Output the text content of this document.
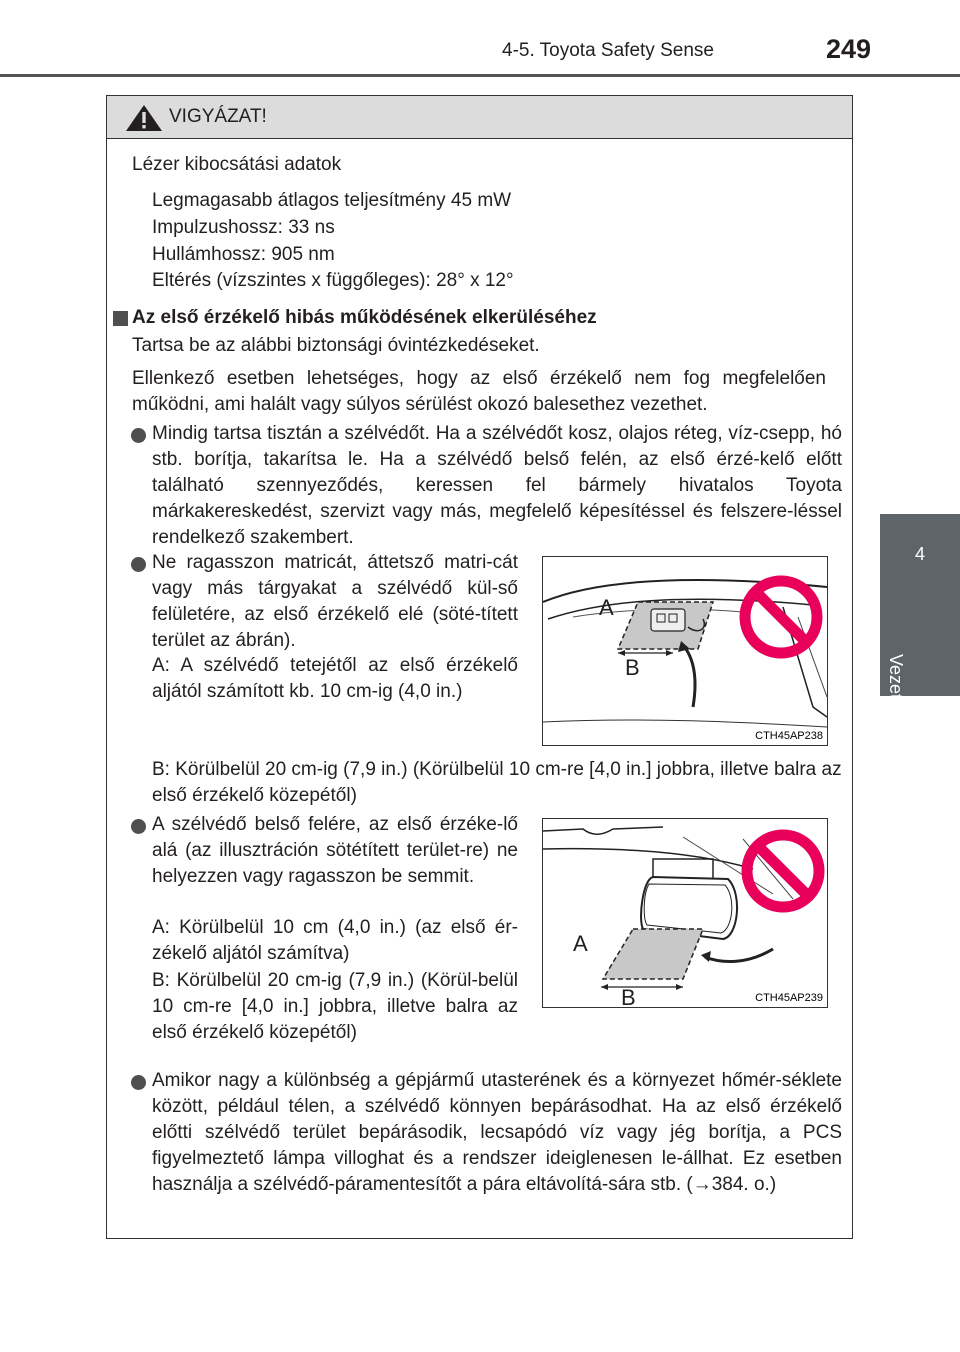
4-5. Toyota Safety Sense	249
4
Vezetés
VIGYÁZAT!
Lézer kibocsátási adatok
Legmagasabb átlagos teljesítmény 45 mW
Impulzushossz: 33 ns
Hullámhossz: 905 nm
Eltérés (vízszintes x függőleges): 28° x 12°
Az első érzékelő hibás működésének elkerüléséhez
Tartsa be az alábbi biztonsági óvintézkedéseket.
Ellenkező esetben lehetséges, hogy az első érzékelő nem fog megfelelően működni, ami halált vagy súlyos sérülést okozó balesethez vezethet.
Mindig tartsa tisztán a szélvédőt. Ha a szélvédőt kosz, olajos réteg, víz-csepp, hó stb. borítja, takarítsa le. Ha a szélvédő belső felén, az első érzé-kelő előtt található szennyeződés, keressen fel bármely hivatalos Toyota márkakereskedést, szervizt vagy más, megfelelő képesítéssel és felszere-léssel rendelkező szakembert.
Ne ragasszon matricát, áttetsző matri-cát vagy más tárgyakat a szélvédő kül-ső felületére, az első érzékelő elé (söté-tített terület az ábrán).
A: A szélvédő tetejétől az első érzékelő aljától számított kb. 10 cm-ig (4,0 in.)
B: Körülbelül 20 cm-ig (7,9 in.) (Körülbelül 10 cm-re [4,0 in.] jobbra, illetve balra az első érzékelő közepétől)
A
B
CTH45AP238
A szélvédő belső felére, az első érzéke-lő alá (az illusztráción sötétített terület-re) ne helyezzen vagy ragasszon be semmit.
A: Körülbelül 10 cm (4,0 in.) (az első ér-zékelő aljától számítva)
B: Körülbelül 20 cm-ig (7,9 in.) (Körül-belül 10 cm-re [4,0 in.] jobbra, illetve balra az első érzékelő közepétől)
A
B	CTH45AP239
Amikor nagy a különbség a gépjármű utasterének és a környezet hőmér-séklete között, például télen, a szélvédő könnyen bepárásodhat. Ha az első érzékelő előtti szélvédő terület bepárásodik, lecsapódó víz vagy jég borítja, a PCS figyelmeztető lámpa villoghat és a rendszer ideiglenesen le-állhat. Ez esetben használja a szélvédő-páramentesítőt a pára eltávolítá-sára stb. (→384. o.)
